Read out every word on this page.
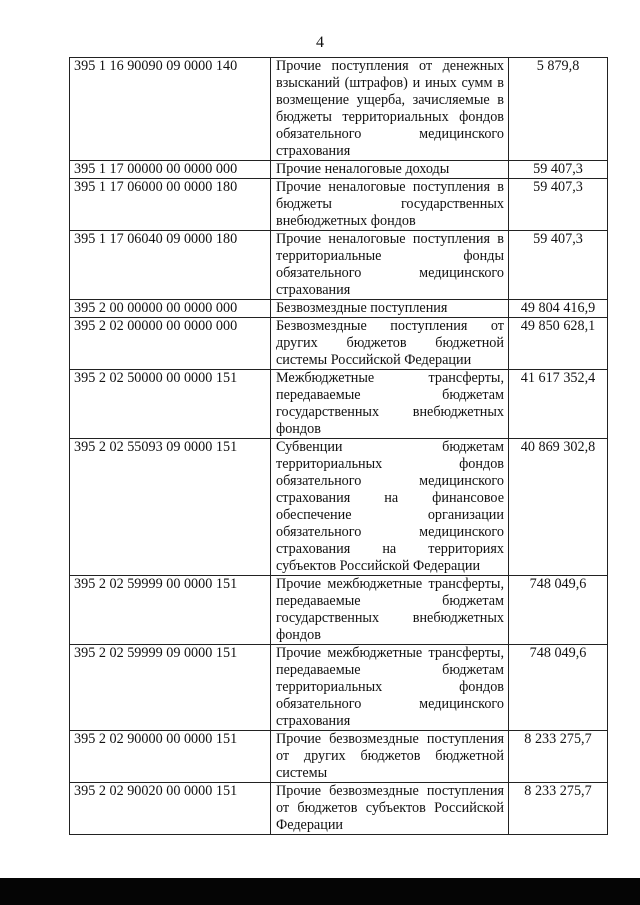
4
395 1 16 90090 09 0000 140	Прочие поступления от денежных взысканий (штрафов) и иных сумм в возмещение ущерба, зачисляемые в бюджеты территориальных фондов обязательного медицинского страхования	5 879,8
395 1 17 00000 00 0000 000	Прочие неналоговые доходы	59 407,3
395 1 17 06000 00 0000 180	Прочие неналоговые поступления в бюджеты государственных внебюджетных фондов	59 407,3
395 1 17 06040 09 0000 180	Прочие неналоговые поступления в территориальные фонды обязательного медицинского страхования	59 407,3
395 2 00 00000 00 0000 000	Безвозмездные поступления	49 804 416,9
395 2 02 00000 00 0000 000	Безвозмездные поступления от других бюджетов бюджетной системы Российской Федерации	49 850 628,1
395 2 02 50000 00 0000 151	Межбюджетные трансферты, передаваемые бюджетам государственных внебюджетных фондов	41 617 352,4
395 2 02 55093 09 0000 151	Субвенции бюджетам территориальных фондов обязательного медицинского страхования на финансовое обеспечение организации обязательного медицинского страхования на территориях субъектов Российской Федерации	40 869 302,8
395 2 02 59999 00 0000 151	Прочие межбюджетные трансферты, передаваемые бюджетам государственных внебюджетных фондов	748 049,6
395 2 02 59999 09 0000 151	Прочие межбюджетные трансферты, передаваемые бюджетам территориальных фондов обязательного медицинского страхования	748 049,6
395 2 02 90000 00 0000 151	Прочие безвозмездные поступления от других бюджетов бюджетной системы	8 233 275,7
395 2 02 90020 00 0000 151	Прочие безвозмездные поступления от бюджетов субъектов Российской Федерации	8 233 275,7
